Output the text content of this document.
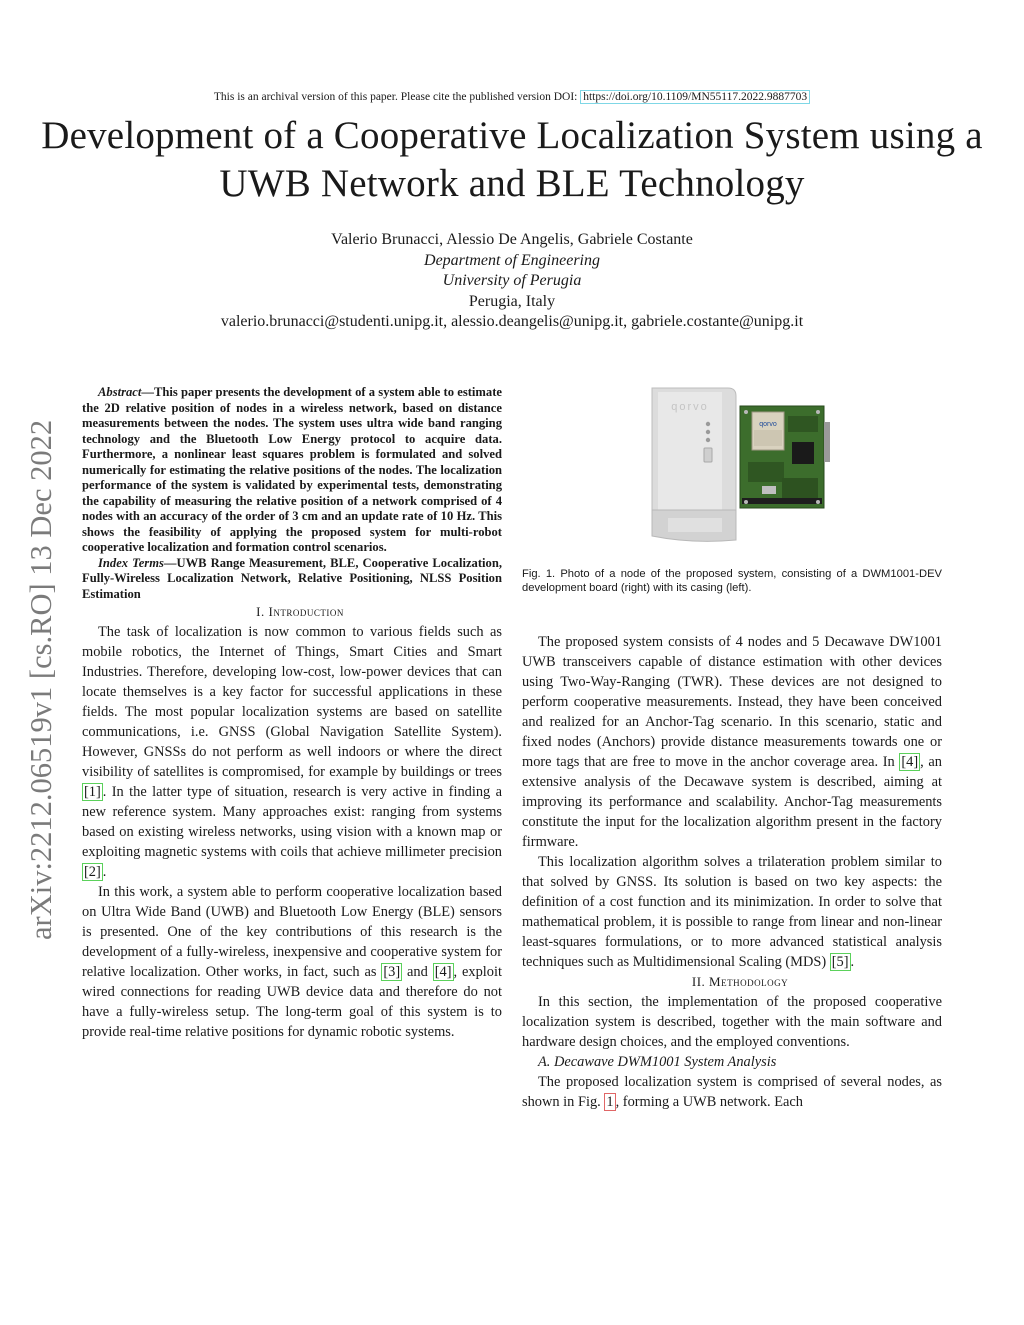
This is an archival version of this paper. Please cite the published version DOI: https://doi.org/10.1109/MN55117.2022.9887703
Development of a Cooperative Localization System using a UWB Network and BLE Technology
Valerio Brunacci, Alessio De Angelis, Gabriele Costante
Department of Engineering
University of Perugia
Perugia, Italy
valerio.brunacci@studenti.unipg.it, alessio.deangelis@unipg.it, gabriele.costante@unipg.it
arXiv:2212.06519v1 [cs.RO] 13 Dec 2022

Abstract—This paper presents the development of a system able to estimate the 2D relative position of nodes in a wireless network, based on distance measurements between the nodes. The system uses ultra wide band ranging technology and the Bluetooth Low Energy protocol to acquire data. Furthermore, a nonlinear least squares problem is formulated and solved numerically for estimating the relative positions of the nodes. The localization performance of the system is validated by experimental tests, demonstrating the capability of measuring the relative position of a network comprised of 4 nodes with an accuracy of the order of 3 cm and an update rate of 10 Hz. This shows the feasibility of applying the proposed system for multi-robot cooperative localization and formation control scenarios.

Index Terms—UWB Range Measurement, BLE, Cooperative Localization, Fully-Wireless Localization Network, Relative Positioning, NLSS Position Estimation

I. Introduction

The task of localization is now common to various fields such as mobile robotics, the Internet of Things, Smart Cities and Smart Industries. Therefore, developing low-cost, low-power devices that can locate themselves is a key factor for successful applications in these fields. The most popular localization systems are based on satellite communications, i.e. GNSS (Global Navigation Satellite System). However, GNSSs do not perform as well indoors or where the direct visibility of satellites is compromised, for example by buildings or trees [1] . In the latter type of situation, research is very active in finding a new reference system. Many approaches exist: ranging from systems based on existing wireless networks, using vision with a known map or exploiting magnetic systems with coils that achieve millimeter precision [2] .

In this work, a system able to perform cooperative localization based on Ultra Wide Band (UWB) and Bluetooth Low Energy (BLE) sensors is presented. One of the key contributions of this research is the development of a fully-wireless, inexpensive and cooperative system for relative localization. Other works, in fact, such as [3] and [4] , exploit wired connections for reading UWB device data and therefore do not have a fully-wireless setup. The long-term goal of this system is to provide real-time relative positions for dynamic robotic systems.

qorvo
qorvo
Fig. 1. Photo of a node of the proposed system, consisting of a DWM1001-DEV development board (right) with its casing (left).

The proposed system consists of 4 nodes and 5 Decawave DW1001 UWB transceivers capable of distance estimation with other devices using Two-Way-Ranging (TWR). These devices are not designed to perform cooperative measurements. Instead, they have been conceived and realized for an Anchor-Tag scenario. In this scenario, static and fixed nodes (Anchors) provide distance measurements towards one or more tags that are free to move in the anchor coverage area. In [4] , an extensive analysis of the Decawave system is described, aiming at improving its performance and scalability. Anchor-Tag measurements constitute the input for the localization algorithm present in the factory firmware.

This localization algorithm solves a trilateration problem similar to that solved by GNSS. Its solution is based on two key aspects: the definition of a cost function and its minimization. In order to solve that mathematical problem, it is possible to range from linear and non-linear least-squares formulations, or to more advanced statistical analysis techniques such as Multidimensional Scaling (MDS) [5] .

II. Methodology

In this section, the implementation of the proposed cooperative localization system is described, together with the main software and hardware design choices, and the employed conventions.

A. Decawave DWM1001 System Analysis

The proposed localization system is comprised of several nodes, as shown in Fig. 1 , forming a UWB network. Each
